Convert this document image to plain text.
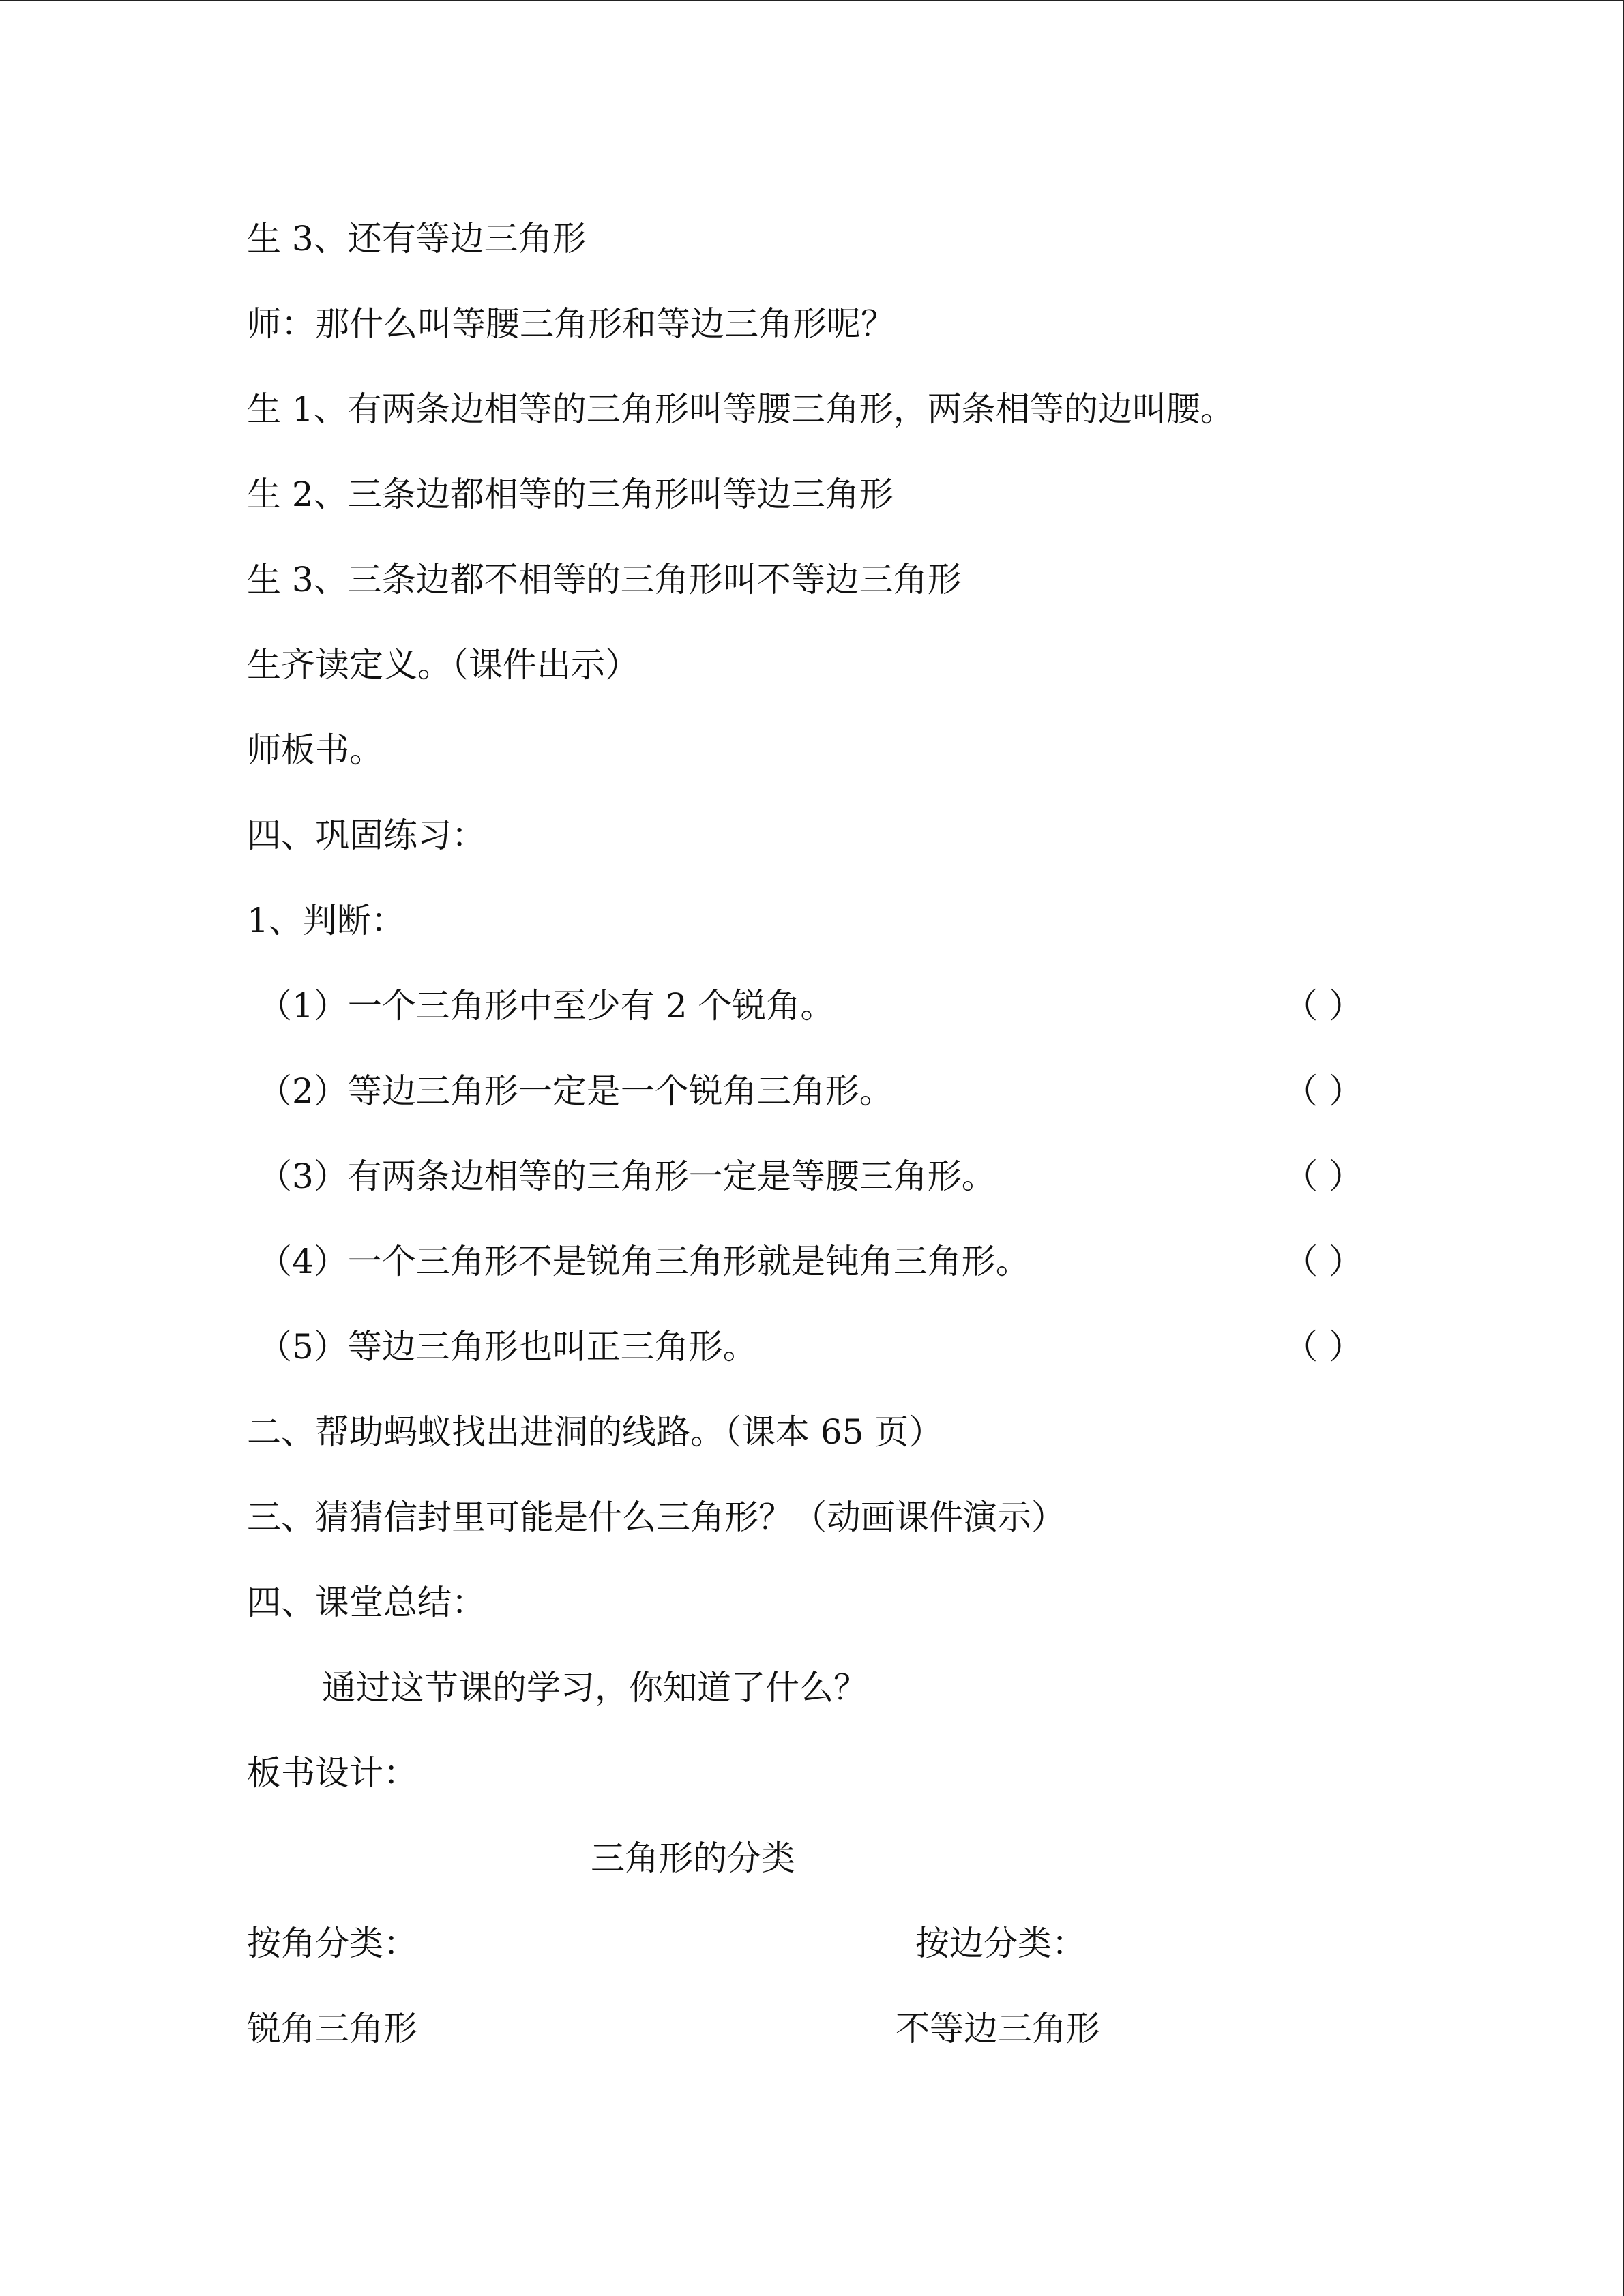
生 3、还有等边三角形
师：那什么叫等腰三角形和等边三角形呢？
生 1、有两条边相等的三角形叫等腰三角形，两条相等的边叫腰。
生 2、三条边都相等的三角形叫等边三角形
生 3、三条边都不相等的三角形叫不等边三角形
生齐读定义。（课件出示）
师板书。
四、巩固练习：
1、判断：
（1）一个三角形中至少有 2 个锐角。	（ ）
（2）等边三角形一定是一个锐角三角形。	（ ）
（3）有两条边相等的三角形一定是等腰三角形。	（ ）
（4）一个三角形不是锐角三角形就是钝角三角形。	（ ）
（5）等边三角形也叫正三角形。	（ ）
二、帮助蚂蚁找出进洞的线路。（课本 65 页）
三、猜猜信封里可能是什么三角形？（动画课件演示）
四、课堂总结：
通过这节课的学习，你知道了什么？
板书设计：
三角形的分类
按角分类：	按边分类：
锐角三角形	不等边三角形
